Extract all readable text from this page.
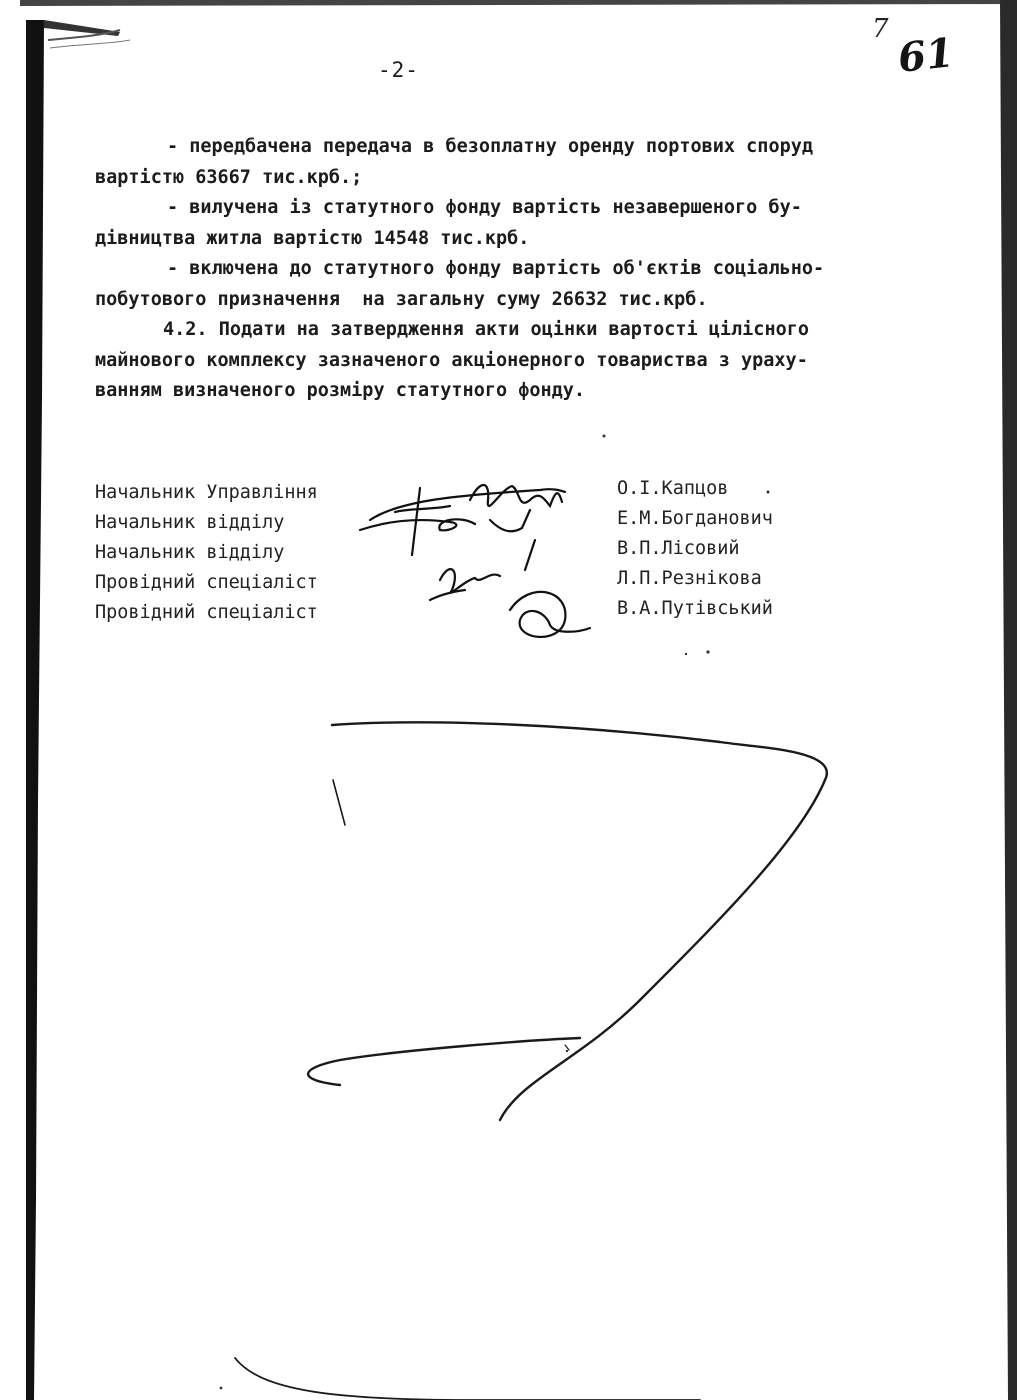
-2-
7
61

- передбачена передача в безоплатну оренду портових споруд

вартістю 63667 тис.крб.;

- вилучена із статутного фонду вартість незавершеного бу-

дівництва житла вартістю 14548 тис.крб.

- включена до статутного фонду вартість об'єктів соціально-

побутового призначення  на загальну суму 26632 тис.крб.

4.2. Подати на затвердження акти оцінки вартості цілісного

майнового комплексу зазначеного акціонерного товариства з ураху-

ванням визначеного розміру статутного фонду.

Начальник Управління
Начальник відділу
Начальник відділу
Провідний спеціаліст
Провідний спеціаліст
О.І.Капцов
Е.М.Богданович
В.П.Лісовий
Л.П.Резнікова
В.А.Путівський
